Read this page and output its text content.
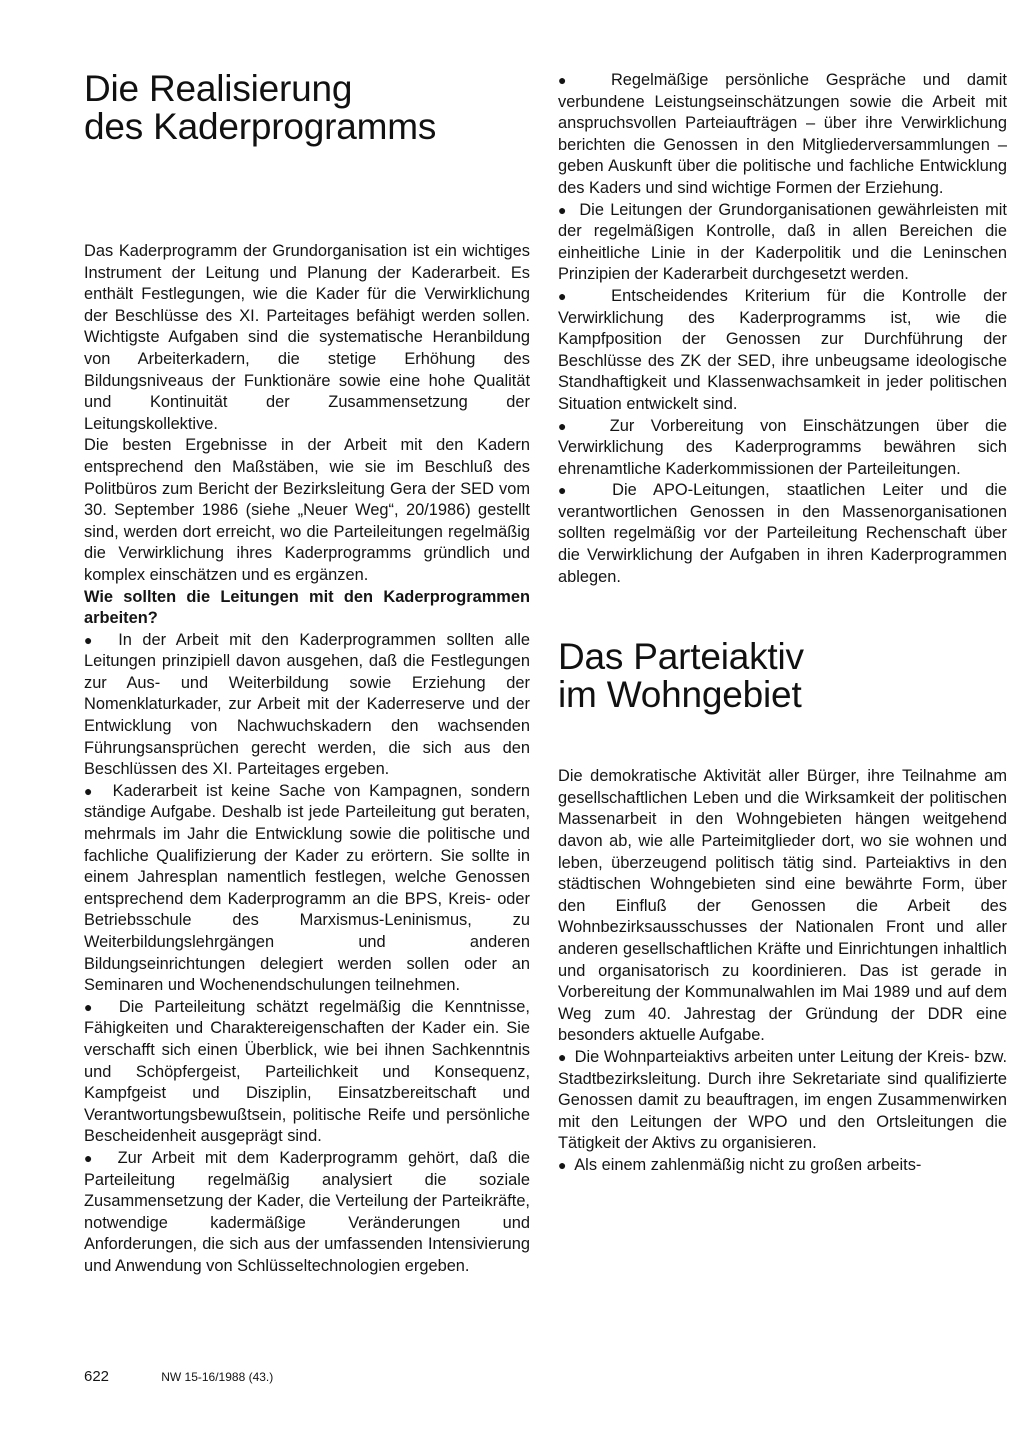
Die Realisierung
des Kaderprogramms

Das Kaderprogramm der Grundorganisation ist ein wichtiges Instrument der Leitung und Planung der Kaderarbeit. Es enthält Festlegungen, wie die Kader für die Verwirklichung der Beschlüsse des XI. Parteitages befähigt werden sollen. Wichtigste Aufgaben sind die systematische Heranbildung von Arbeiterkadern, die stetige Erhöhung des Bildungsniveaus der Funktionäre sowie eine hohe Qualität und Kontinuität der Zusammensetzung der Leitungskollektive.

Die besten Ergebnisse in der Arbeit mit den Kadern entsprechend den Maßstäben, wie sie im Beschluß des Politbüros zum Bericht der Bezirksleitung Gera der SED vom 30. September 1986 (siehe „Neuer Weg“, 20/1986) gestellt sind, werden dort erreicht, wo die Parteileitungen regelmäßig die Verwirklichung ihres Kaderprogramms gründlich und komplex einschätzen und es ergänzen.

Wie sollten die Leitungen mit den Kaderprogrammen arbeiten?

●  In der Arbeit mit den Kaderprogrammen sollten alle Leitungen prinzipiell davon ausgehen, daß die Festlegungen zur Aus- und Weiterbildung sowie Erziehung der Nomenklaturkader, zur Arbeit mit der Kaderreserve und der Entwicklung von Nachwuchskadern den wachsenden Führungsansprüchen gerecht werden, die sich aus den Beschlüssen des XI. Parteitages ergeben.

●  Kaderarbeit ist keine Sache von Kampagnen, sondern ständige Aufgabe. Deshalb ist jede Parteileitung gut beraten, mehrmals im Jahr die Entwicklung sowie die politische und fachliche Qualifizierung der Kader zu erörtern. Sie sollte in einem Jahresplan namentlich festlegen, welche Genossen entsprechend dem Kaderprogramm an die BPS, Kreis- oder Betriebsschule des Marxismus-Leninismus, zu Weiterbildungslehrgängen und anderen Bildungseinrichtungen delegiert werden sollen oder an Seminaren und Wochenendschulungen teilnehmen.

●  Die Parteileitung schätzt regelmäßig die Kenntnisse, Fähigkeiten und Charaktereigenschaften der Kader ein. Sie verschafft sich einen Überblick, wie bei ihnen Sachkenntnis und Schöpfergeist, Parteilichkeit und Konsequenz, Kampfgeist und Disziplin, Einsatzbereitschaft und Verantwortungsbewußtsein, politische Reife und persönliche Bescheidenheit ausgeprägt sind.

●  Zur Arbeit mit dem Kaderprogramm gehört, daß die Parteileitung regelmäßig analysiert die soziale Zusammensetzung der Kader, die Verteilung der Parteikräfte, notwendige kadermäßige Veränderungen und Anforderungen, die sich aus der umfassenden Intensivierung und Anwendung von Schlüsseltechnologien ergeben.

●  Regelmäßige persönliche Gespräche und damit verbundene Leistungseinschätzungen sowie die Arbeit mit anspruchsvollen Parteiaufträgen – über ihre Verwirklichung berichten die Genossen in den Mitgliederversammlungen – geben Auskunft über die politische und fachliche Entwicklung des Kaders und sind wichtige Formen der Erziehung.

●  Die Leitungen der Grundorganisationen gewährleisten mit der regelmäßigen Kontrolle, daß in allen Bereichen die einheitliche Linie in der Kaderpolitik und die Leninschen Prinzipien der Kaderarbeit durchgesetzt werden.

●  Entscheidendes Kriterium für die Kontrolle der Verwirklichung des Kaderprogramms ist, wie die Kampfposition der Genossen zur Durchführung der Beschlüsse des ZK der SED, ihre unbeugsame ideologische Standhaftigkeit und Klassenwachsamkeit in jeder politischen Situation entwickelt sind.

●  Zur Vorbereitung von Einschätzungen über die Verwirklichung des Kaderprogramms bewähren sich ehrenamtliche Kaderkommissionen der Parteileitungen.

●  Die APO-Leitungen, staatlichen Leiter und die verantwortlichen Genossen in den Massenorganisationen sollten regelmäßig vor der Parteileitung Rechenschaft über die Verwirklichung der Aufgaben in ihren Kaderprogrammen ablegen.

Das Parteiaktiv
im Wohngebiet

Die demokratische Aktivität aller Bürger, ihre Teilnahme am gesellschaftlichen Leben und die Wirksamkeit der politischen Massenarbeit in den Wohngebieten hängen weitgehend davon ab, wie alle Parteimitglieder dort, wo sie wohnen und leben, überzeugend politisch tätig sind. Parteiaktivs in den städtischen Wohngebieten sind eine bewährte Form, über den Einfluß der Genossen die Arbeit des Wohnbezirksausschusses der Nationalen Front und aller anderen gesellschaftlichen Kräfte und Einrichtungen inhaltlich und organisatorisch zu koordinieren. Das ist gerade in Vorbereitung der Kommunalwahlen im Mai 1989 und auf dem Weg zum 40. Jahrestag der Gründung der DDR eine besonders aktuelle Aufgabe.

●  Die Wohnparteiaktivs arbeiten unter Leitung der Kreis- bzw. Stadtbezirksleitung. Durch ihre Sekretariate sind qualifizierte Genossen damit zu beauftragen, im engen Zusammenwirken mit den Leitungen der WPO und den Ortsleitungen die Tätigkeit der Aktivs zu organisieren.

●  Als einem zahlenmäßig nicht zu großen arbeits-

622	NW 15-16/1988 (43.)
